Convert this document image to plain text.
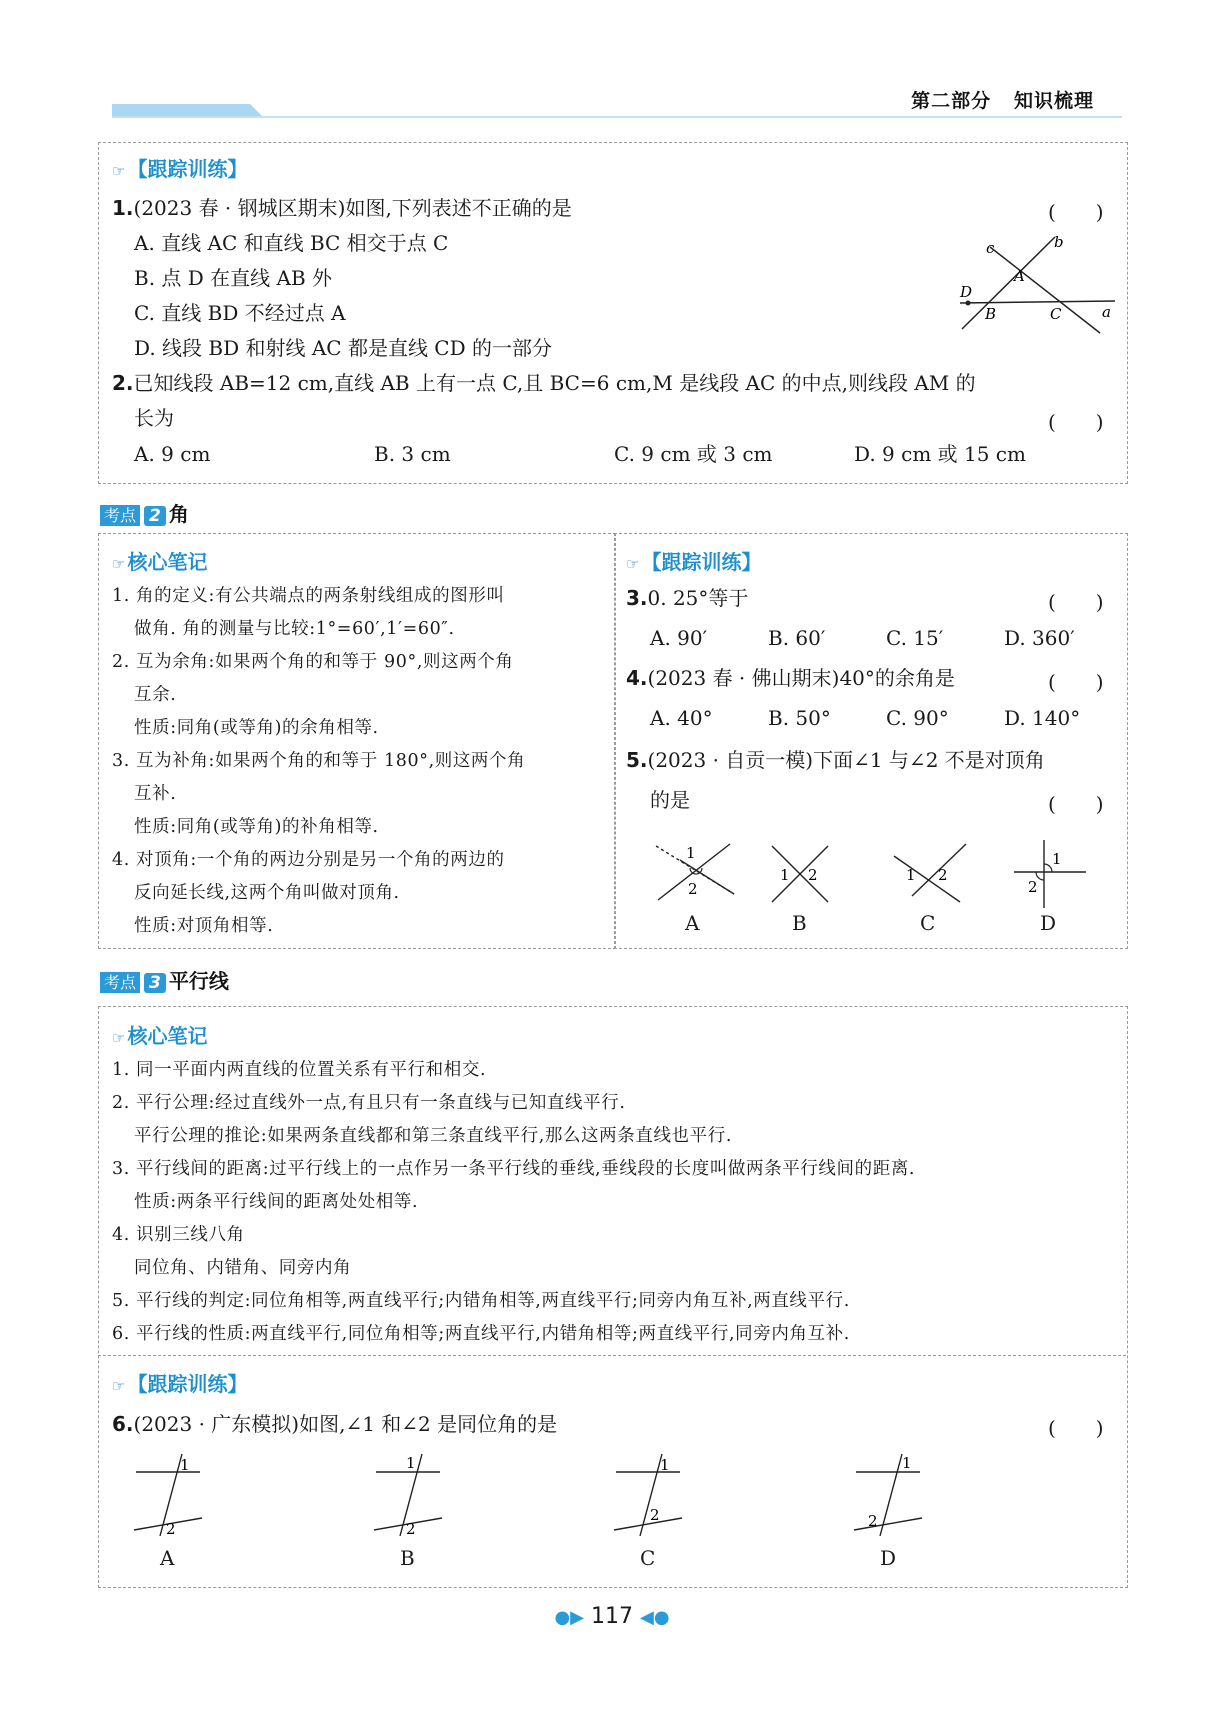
第二部分 知识梳理
☞ 【跟踪训练】
1.(2023 春 · 钢城区期末)如图,下列表述不正确的是	(　　)
A. 直线 AC 和直线 BC 相交于点 C
B. 点 D 在直线 AB 外
C. 直线 BD 不经过点 A
D. 线段 BD 和射线 AC 都是直线 CD 的一部分
c	b
A
D
B	C	a
2.已知线段 AB=12 cm,直线 AB 上有一点 C,且 BC=6 cm,M 是线段 AC 的中点,则线段 AM 的
长为	(　　)
A. 9 cm	B. 3 cm	C. 9 cm 或 3 cm	D. 9 cm 或 15 cm
考点 2 角
☞ 核心笔记
1. 角的定义:有公共端点的两条射线组成的图形叫
做角. 角的测量与比较:1°=60′,1′=60″.
2. 互为余角:如果两个角的和等于 90°,则这两个角
互余.
性质:同角(或等角)的余角相等.
3. 互为补角:如果两个角的和等于 180°,则这两个角
互补.
性质:同角(或等角)的补角相等.
4. 对顶角:一个角的两边分别是另一个角的两边的
反向延长线,这两个角叫做对顶角.
性质:对顶角相等.
☞ 【跟踪训练】
3.0. 25°等于	(　　)
A. 90′	B. 60′	C. 15′	D. 360′
4.(2023 春 · 佛山期末)40°的余角是	(　　)
A. 40°	B. 50°	C. 90°	D. 140°
5.(2023 · 自贡一模)下面∠1 与∠2 不是对顶角
的是	(　　)
1
2
1 2	1 2
1
2
A	B	C	D
考点 3 平行线
☞ 核心笔记
1. 同一平面内两直线的位置关系有平行和相交.
2. 平行公理:经过直线外一点,有且只有一条直线与已知直线平行.
平行公理的推论:如果两条直线都和第三条直线平行,那么这两条直线也平行.
3. 平行线间的距离:过平行线上的一点作另一条平行线的垂线,垂线段的长度叫做两条平行线间的距离.
性质:两条平行线间的距离处处相等.
4. 识别三线八角
同位角、内错角、同旁内角
5. 平行线的判定:同位角相等,两直线平行;内错角相等,两直线平行;同旁内角互补,两直线平行.
6. 平行线的性质:两直线平行,同位角相等;两直线平行,内错角相等;两直线平行,同旁内角互补.
☞ 【跟踪训练】
6.(2023 · 广东模拟)如图,∠1 和∠2 是同位角的是	(　　)
1
2
1
2
1
2
1
2
A	B	C	D
●▶ 117 ◀●
